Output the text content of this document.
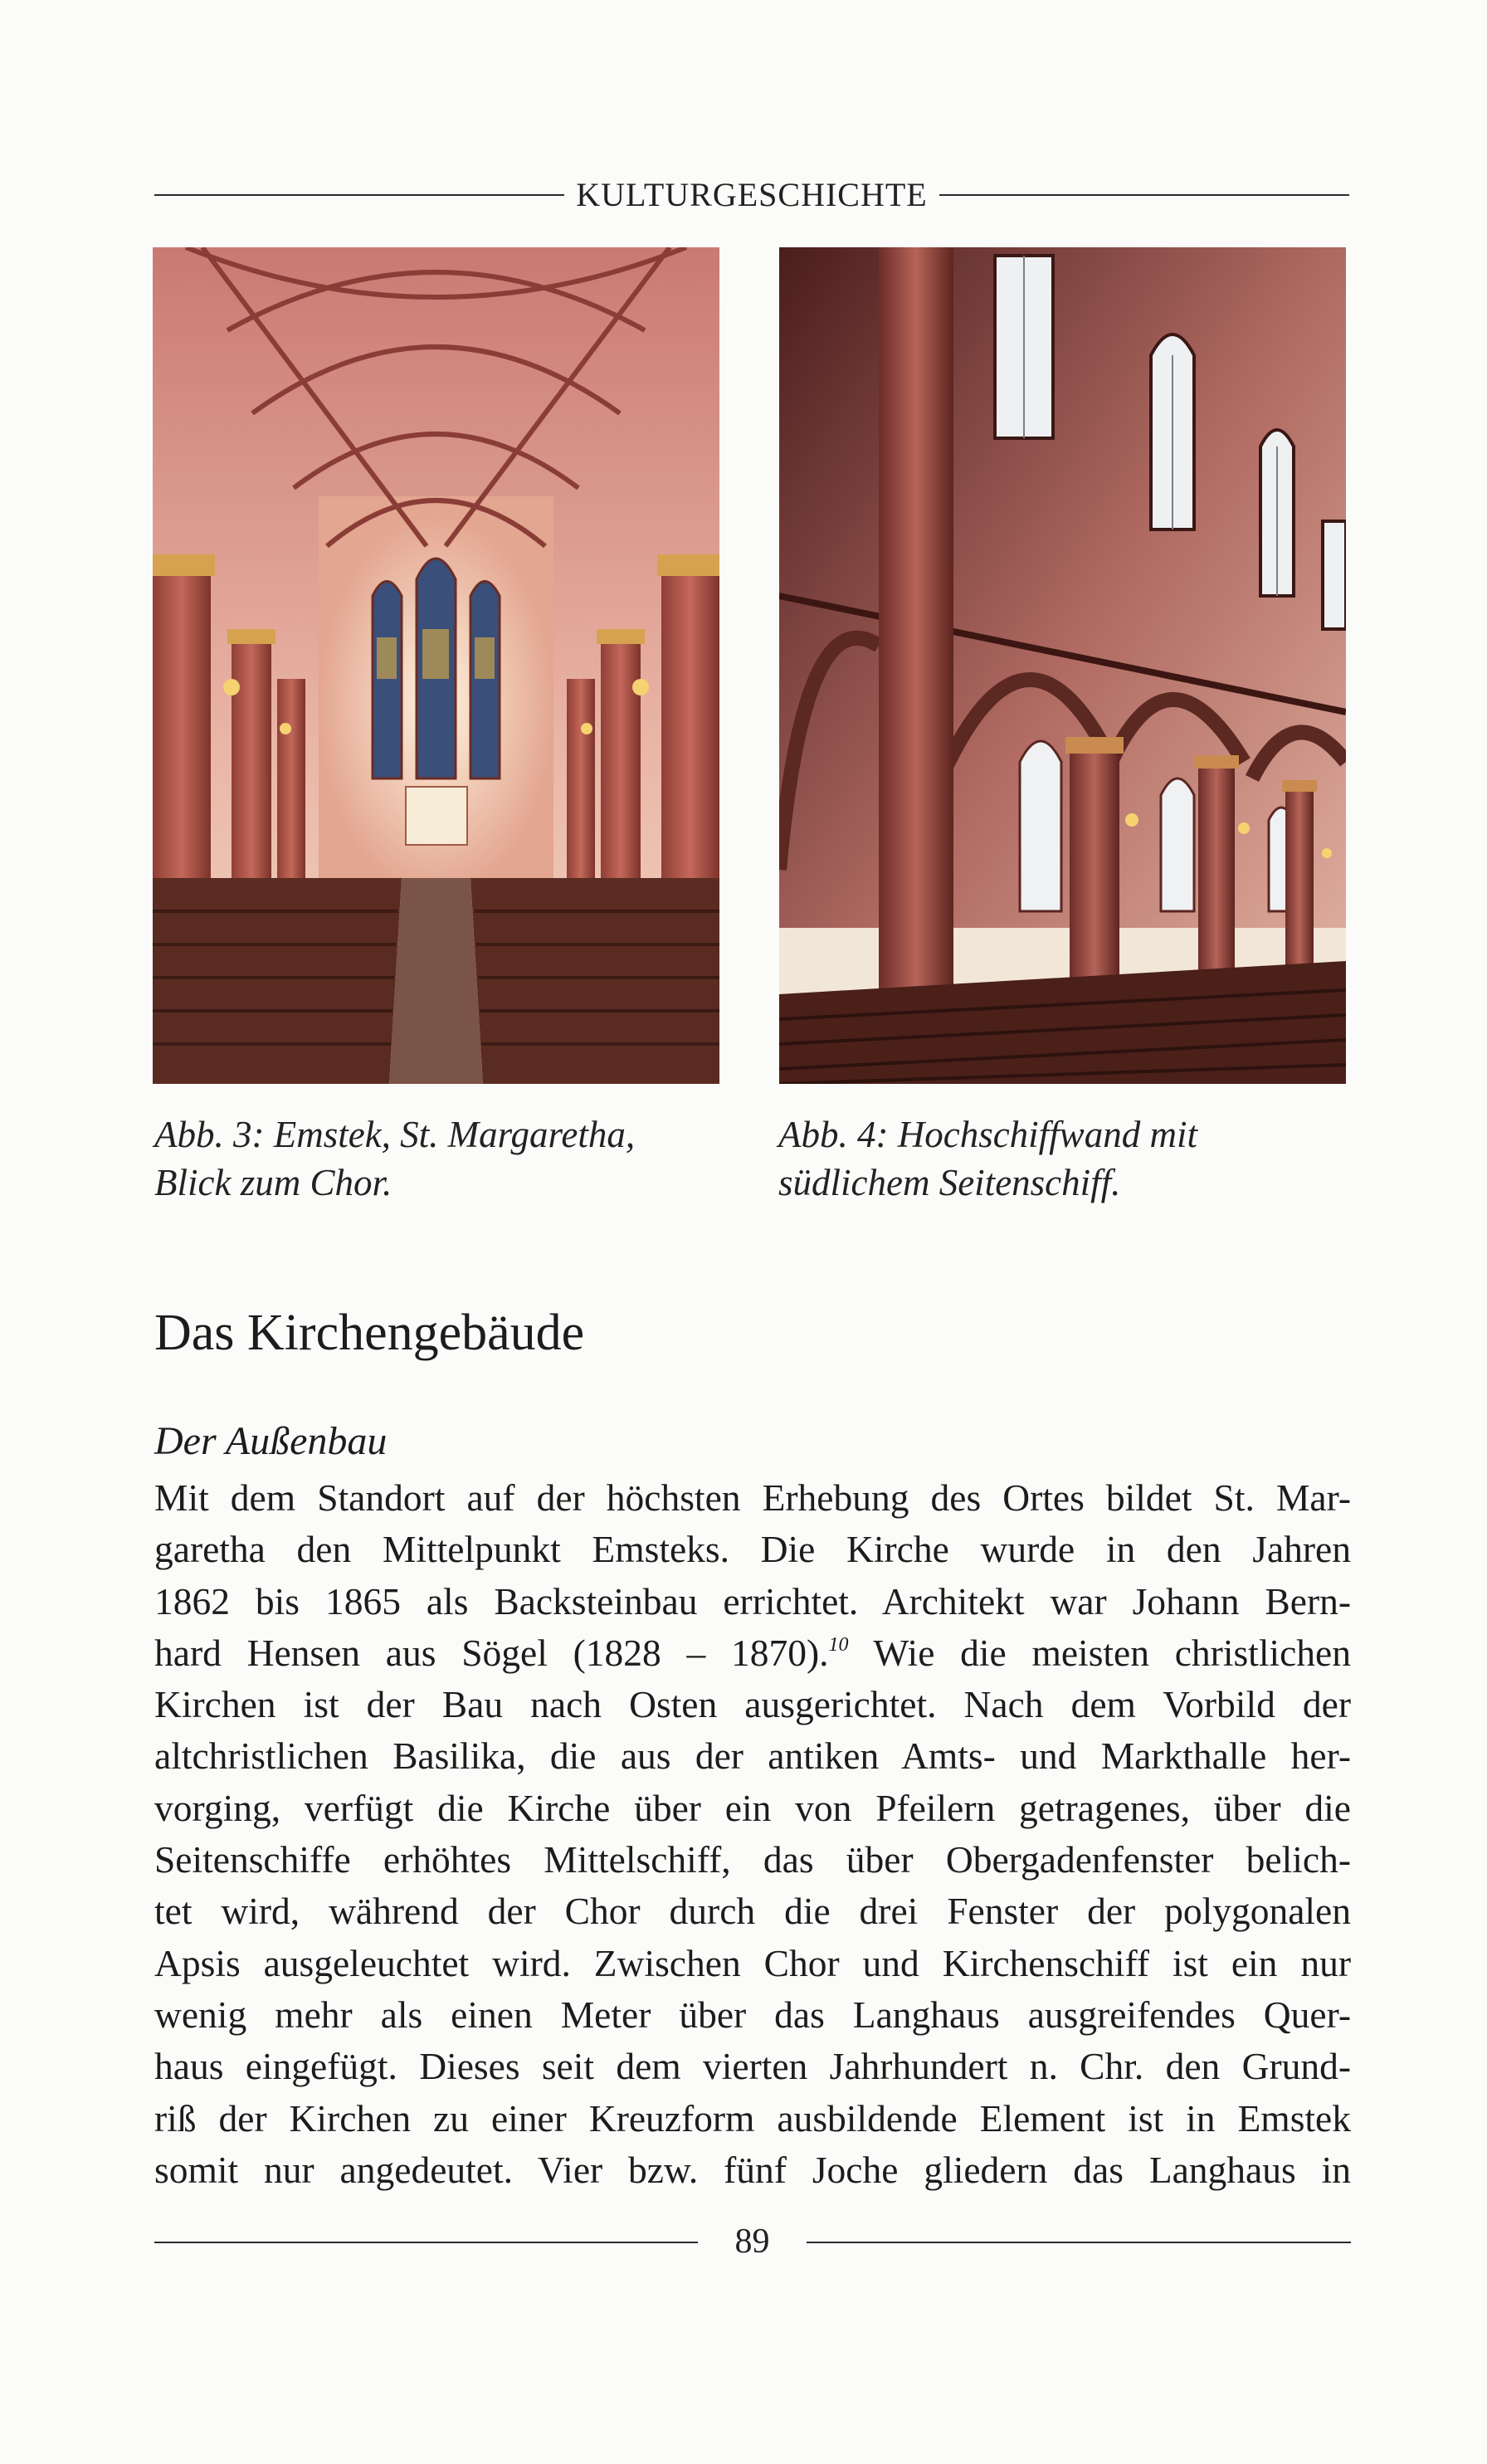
KULTURGESCHICHTE
Abb. 3: Emstek, St. Margaretha,
Blick zum Chor.
Abb. 4: Hochschiffwand mit
südlichem Seitenschiff.
Das Kirchengebäude
Der Außenbau
Mit dem Standort auf der höchsten Erhebung des Ortes bildet St. Mar-
garetha den Mittelpunkt Emsteks. Die Kirche wurde in den Jahren
1862 bis 1865 als Backsteinbau errichtet. Architekt war Johann Bern-
hard Hensen aus Sögel (1828 – 1870).$^{10}$ Wie die meisten christlichen
Kirchen ist der Bau nach Osten ausgerichtet. Nach dem Vorbild der
altchristlichen Basilika, die aus der antiken Amts- und Markthalle her-
vorging, verfügt die Kirche über ein von Pfeilern getragenes, über die
Seitenschiffe erhöhtes Mittelschiff, das über Obergadenfenster belich-
tet wird, während der Chor durch die drei Fenster der polygonalen
Apsis ausgeleuchtet wird. Zwischen Chor und Kirchenschiff ist ein nur
wenig mehr als einen Meter über das Langhaus ausgreifendes Quer-
haus eingefügt. Dieses seit dem vierten Jahrhundert n. Chr. den Grund-
riß der Kirchen zu einer Kreuzform ausbildende Element ist in Emstek
somit nur angedeutet. Vier bzw. fünf Joche gliedern das Langhaus in
89
